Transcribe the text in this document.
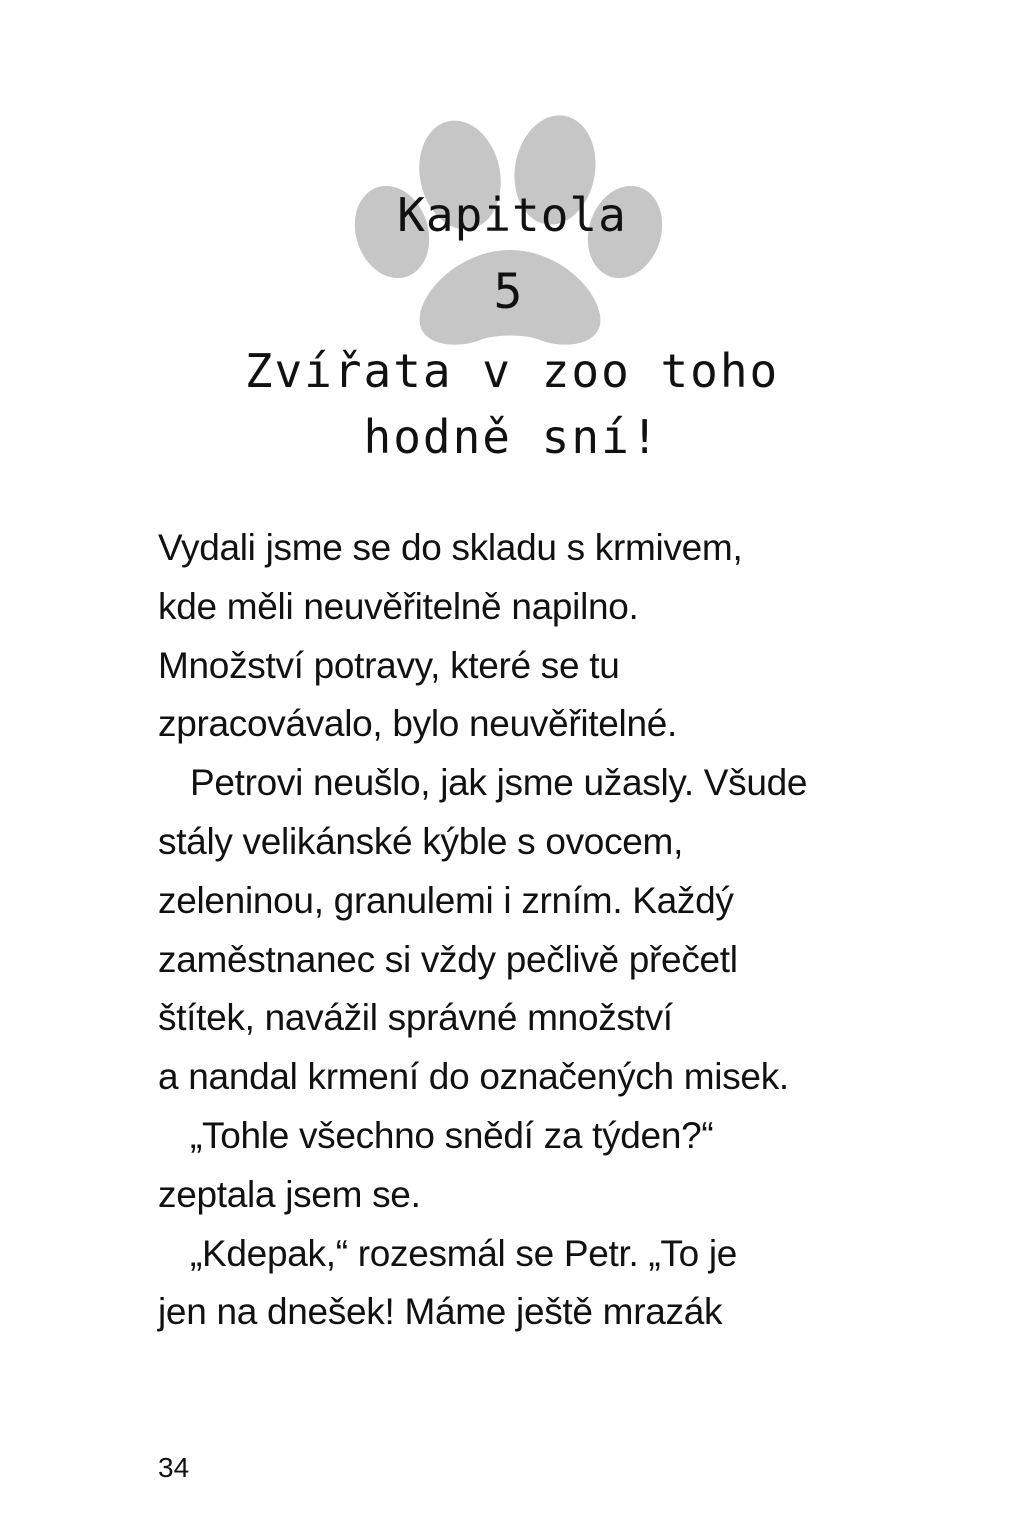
Kapitola
5
Zvířata v zoo toho
hodně sní!
Vydali jsme se do skladu s krmivem,
kde měli neuvěřitelně napilno.
Množství potravy, které se tu
zpracovávalo, bylo neuvěřitelné.
Petrovi neušlo, jak jsme užasly. Všude
stály velikánské kýble s ovocem,
zeleninou, granulemi i zrním. Každý
zaměstnanec si vždy pečlivě přečetl
štítek, navážil správné množství
a nandal krmení do označených misek.
„Tohle všechno snědí za týden?“
zeptala jsem se.
„Kdepak,“ rozesmál se Petr. „To je
jen na dnešek! Máme ještě mrazák
34
